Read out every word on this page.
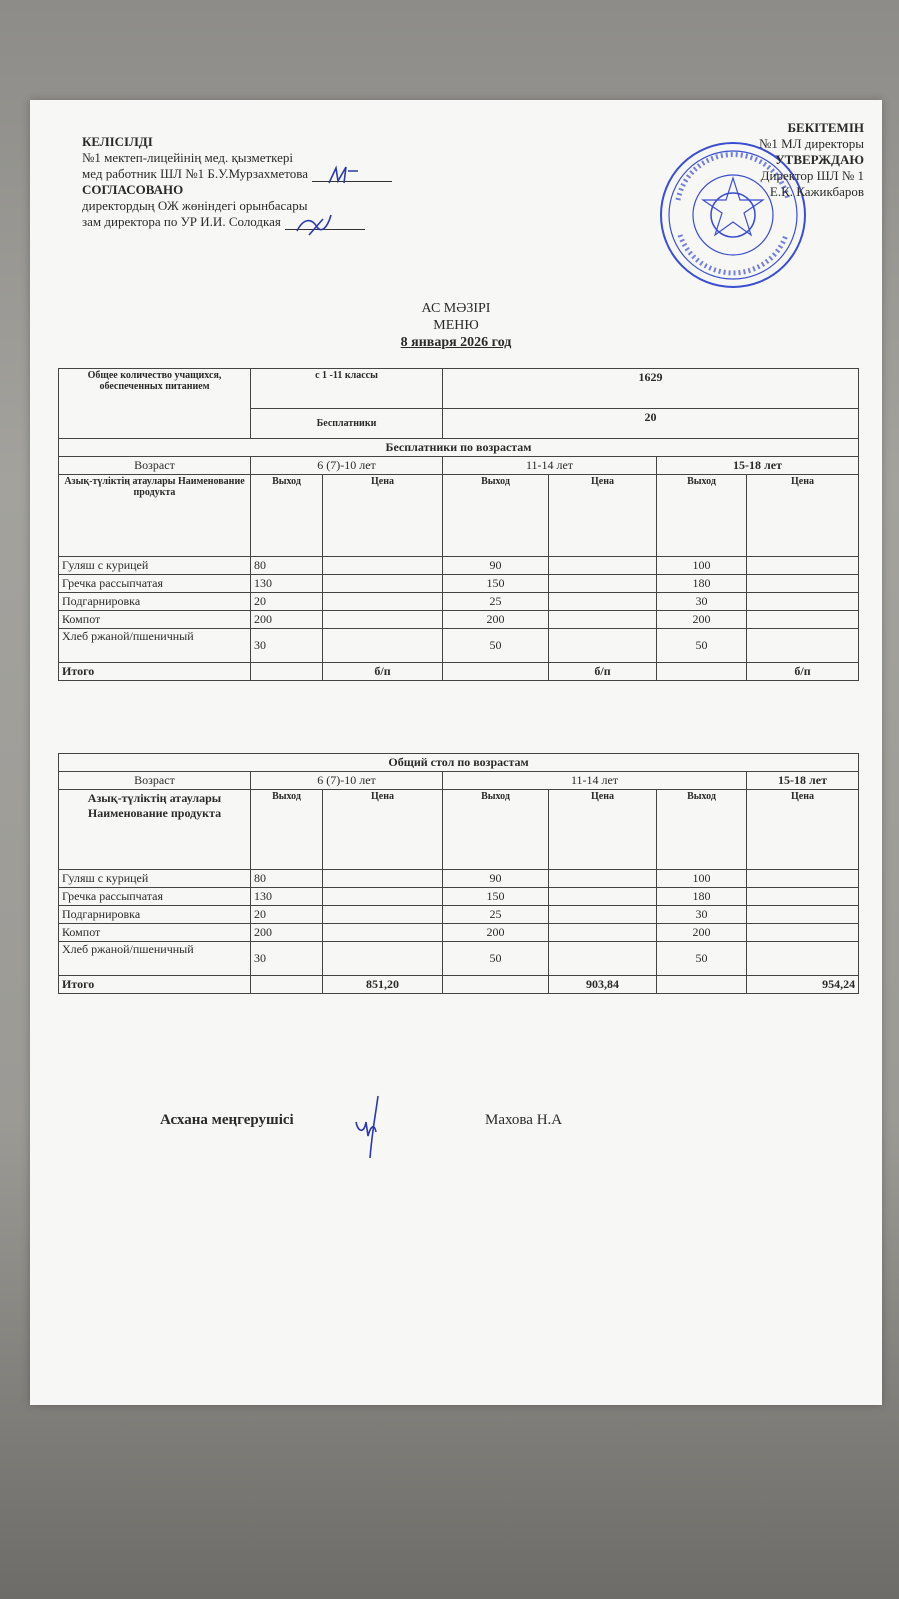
КЕЛІСІЛДІ
№1 мектеп-лицейінің мед. қызметкері
мед работник ШЛ №1 Б.У.Мурзахметова
СОГЛАСОВАНО
директордың ОЖ жөніндегі орынбасары
зам директора по УР И.И. Солодкая
БЕКІТЕМІН
№1 МЛ директоры
УТВЕРЖДАЮ
Директор ШЛ № 1
Е.К. Кажикбаров
АС МӘЗІРІ
МЕНЮ
8 января 2026 год
Общее количество учащихся, обеспеченных питанием	с 1 -11 классы		1629			
	Бесплатники		20			
Бесплатники по возрастам						
Возраст	6 (7)-10 лет		11-14 лет		15-18 лет	
Азық-түліктің атаулары Наименование продукта	Выход	Цена	Выход	Цена	Выход	Цена
Гуляш с курицей	80		90		100	
Гречка рассыпчатая	130		150		180	
Подгарнировка	20		25		30	
Компот	200		200		200	
Хлеб ржаной/пшеничный	30		50		50	
Итого		б/п		б/п		б/п
Общий стол по возрастам						
Возраст	6 (7)-10 лет		11-14 лет			15-18 лет
Азық-түліктің атаулары Наименование продукта	Выход	Цена	Выход	Цена	Выход	Цена
Гуляш с курицей	80		90		100	
Гречка рассыпчатая	130		150		180	
Подгарнировка	20		25		30	
Компот	200		200		200	
Хлеб ржаной/пшеничный	30		50		50	
Итого		851,20		903,84		954,24
Асхана меңгерушісі	Махова Н.А
